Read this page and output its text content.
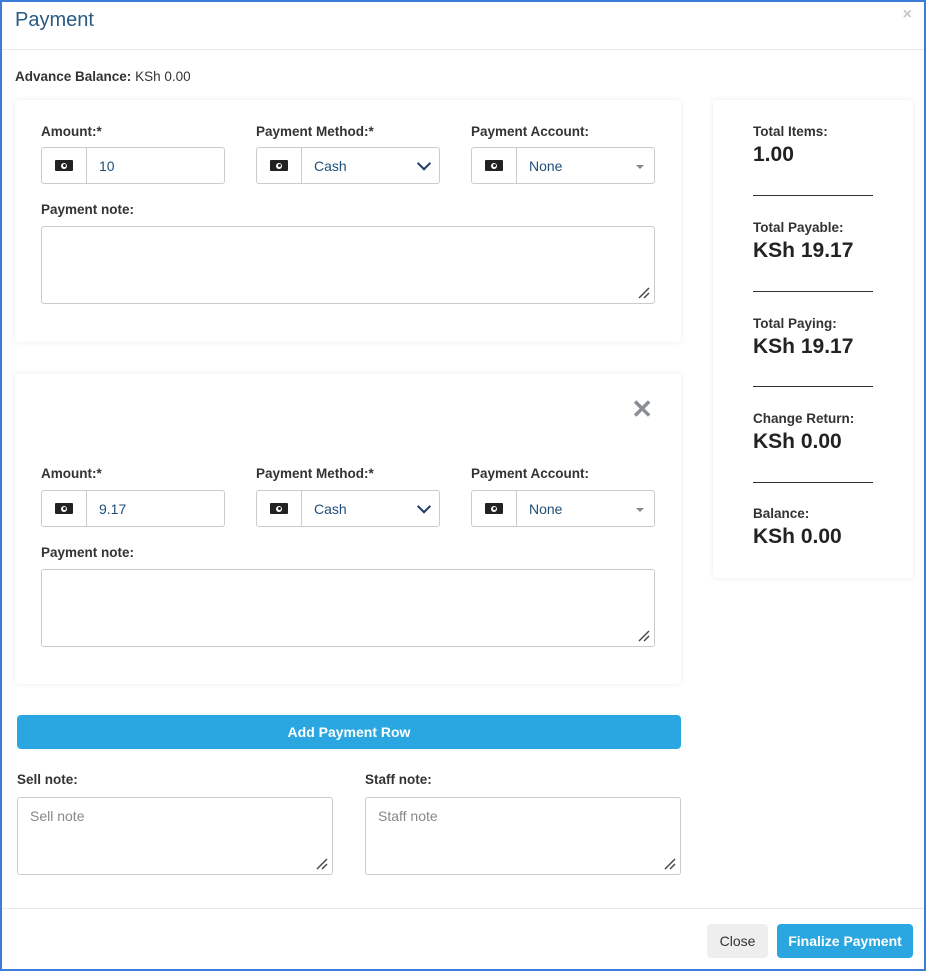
Payment	×
Advance Balance: KSh 0.00
Amount:*
10
Payment Method:*
Cash
Payment Account:
None
Payment note:
✕
Amount:*
9.17
Payment Method:*
Cash
Payment Account:
None
Payment note:
Add Payment Row
Sell note:
Sell note
Staff note:
Staff note
Total Items:
1.00
Total Payable:
KSh 19.17
Total Paying:
KSh 19.17
Change Return:
KSh 0.00
Balance:
KSh 0.00
Close	Finalize Payment
